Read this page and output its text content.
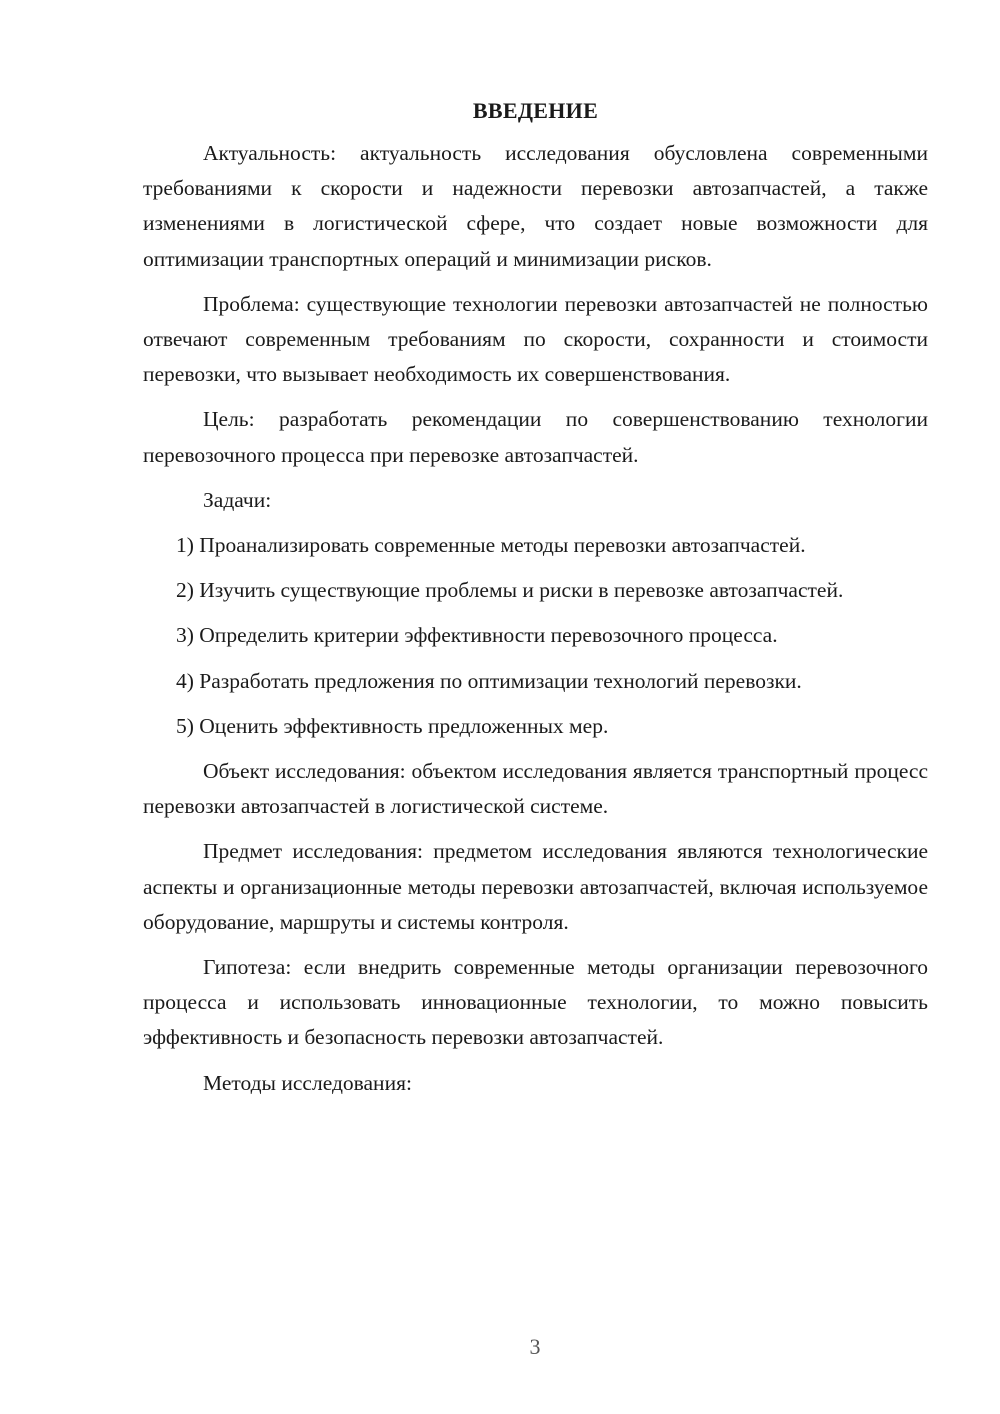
ВВЕДЕНИЕ

Актуальность: актуальность исследования обусловлена современными требованиями к скорости и надежности перевозки автозапчастей, а также изменениями в логистической сфере, что создает новые возможности для оптимизации транспортных операций и минимизации рисков.

Проблема: существующие технологии перевозки автозапчастей не полностью отвечают современным требованиям по скорости, сохранности и стоимости перевозки, что вызывает необходимость их совершенствования.

Цель: разработать рекомендации по совершенствованию технологии перевозочного процесса при перевозке автозапчастей.

Задачи:

1) Проанализировать современные методы перевозки автозапчастей.

2) Изучить существующие проблемы и риски в перевозке автозапчастей.

3) Определить критерии эффективности перевозочного процесса.

4) Разработать предложения по оптимизации технологий перевозки.

5) Оценить эффективность предложенных мер.

Объект исследования: объектом исследования является транспортный процесс перевозки автозапчастей в логистической системе.

Предмет исследования: предметом исследования являются технологические аспекты и организационные методы перевозки автозапчастей, включая используемое оборудование, маршруты и системы контроля.

Гипотеза: если внедрить современные методы организации перевозочного процесса и использовать инновационные технологии, то можно повысить эффективность и безопасность перевозки автозапчастей.

Методы исследования:

3
